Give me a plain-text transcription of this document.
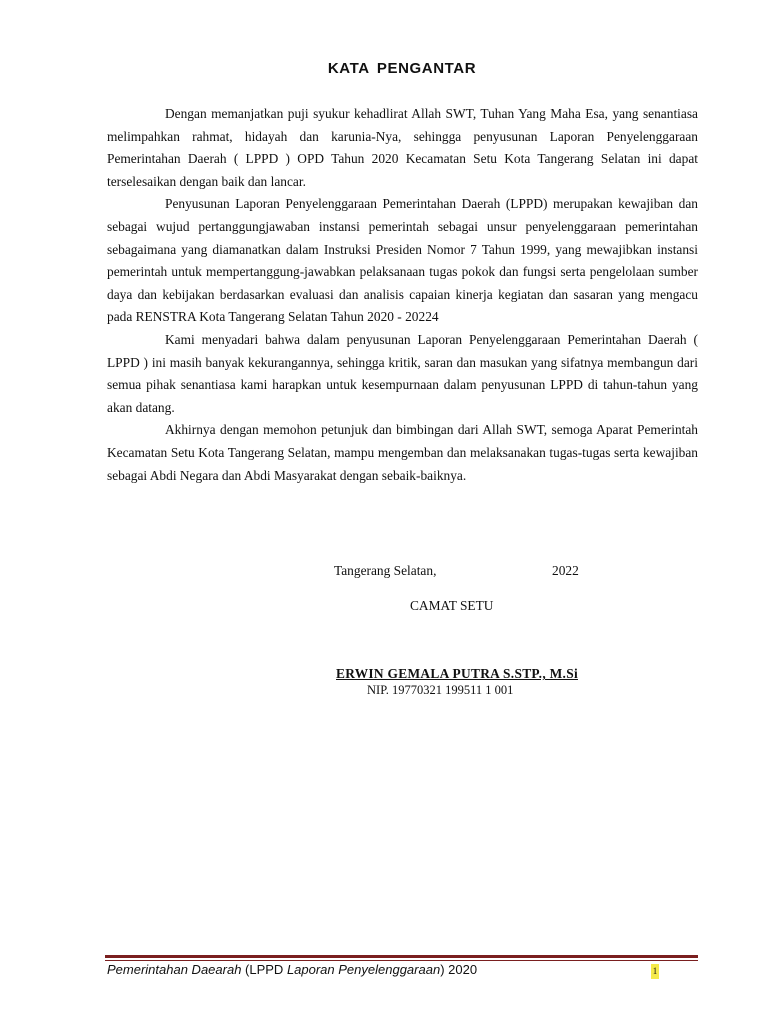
KATA PENGANTAR

Dengan memanjatkan puji syukur kehadlirat Allah SWT, Tuhan Yang Maha Esa, yang senantiasa melimpahkan rahmat, hidayah dan karunia-Nya, sehingga penyusunan Laporan Penyelenggaraan Pemerintahan Daerah ( LPPD ) OPD Tahun 2020 Kecamatan Setu Kota Tangerang Selatan ini dapat terselesaikan dengan baik dan lancar.

Penyusunan Laporan Penyelenggaraan Pemerintahan Daerah (LPPD) merupakan kewajiban dan sebagai wujud pertanggungjawaban instansi pemerintah sebagai unsur penyelenggaraan pemerintahan sebagaimana yang diamanatkan dalam Instruksi Presiden Nomor 7 Tahun 1999, yang mewajibkan instansi pemerintah untuk mempertanggung-jawabkan pelaksanaan tugas pokok dan fungsi serta pengelolaan sumber daya dan kebijakan berdasarkan evaluasi dan analisis capaian kinerja kegiatan dan sasaran yang mengacu pada RENSTRA Kota Tangerang Selatan Tahun 2020 - 20224

Kami menyadari bahwa dalam penyusunan Laporan Penyelenggaraan Pemerintahan Daerah ( LPPD ) ini masih banyak kekurangannya, sehingga kritik, saran dan masukan yang sifatnya membangun dari semua pihak senantiasa kami harapkan untuk kesempurnaan dalam penyusunan LPPD di tahun-tahun yang akan datang.

Akhirnya dengan memohon petunjuk dan bimbingan dari Allah SWT, semoga Aparat Pemerintah Kecamatan Setu Kota Tangerang Selatan, mampu mengemban dan melaksanakan tugas-tugas serta kewajiban sebagai Abdi Negara dan Abdi Masyarakat dengan sebaik-baiknya.

Tangerang Selatan,	2022
CAMAT SETU
ERWIN GEMALA PUTRA S.STP., M.Si
NIP. 19770321 199511 1 001
Pemerintahan Daearah (LPPD Laporan Penyelenggaraan) 2020	1
